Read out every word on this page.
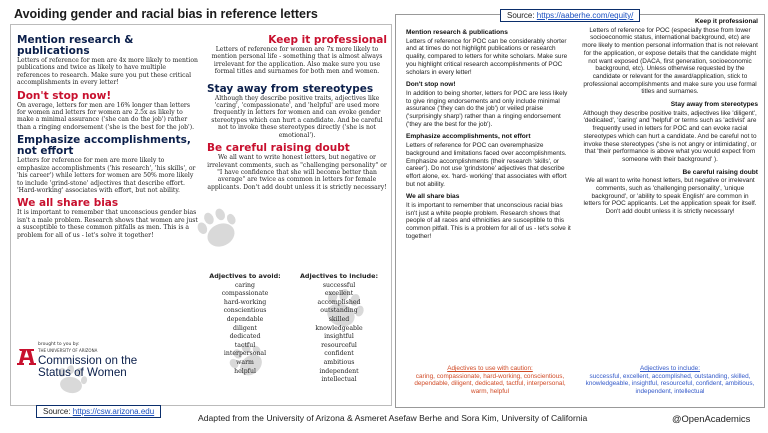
Avoiding gender and racial bias in reference letters
Mention research & publications

Letters of reference for men are 4x more likely to mention publications and twice as likely to have multiple references to research. Make sure you put these critical accomplishments in every letter!

Don't stop now!

On average, letters for men are 16% longer than letters for women and letters for women are 2.5x as likely to make a minimal assurance ('she can do the job') rather than a ringing endorsement ('she is the best for the job').

Emphasize accomplishments, not effort

Letters for reference for men are more likely to emphasize accomplishments ('his research', 'his skills', or 'his career') while letters for women are 50% more likely to include 'grind-stone' adjectives that describe effort. 'Hard-working' associates with effort, but not ability.

We all share bias

It is important to remember that unconscious gender bias isn't a male problem. Research shows that women are just a susceptible to these common pitfalls as men. This is a problem for all of us - let's solve it together!

Keep it professional

Letters of reference for women are 7x more likely to mention personal life - something that is almost always irrelevant for the application. Also make sure you use formal titles and surnames for both men and women.

Stay away from stereotypes

Although they describe positive traits, adjectives like 'caring', 'compassionate', and 'helpful' are used more frequently in letters for women and can evoke gender stereotypes which can hurt a candidate. And be careful not to invoke these stereotypes directly ('she is not emotional').

Be careful raising doubt

We all want to write honest letters, but negative or irrelevant comments, such as "challenging personality" or "I have confidence that she will become better than average" are twice as common in letters for female applicants. Don't add doubt unless it is strictly necessary!

Adjectives to avoid:
caring
compassionate
hard-working
conscientious
dependable
diligent
dedicated
tactful
interpersonal
warm
helpful
Adjectives to include:
successful
excellent
accomplished
outstanding
skilled
knowledgeable
insightful
resourceful
confident
ambitious
independent
intellectual
brought to you by:
THE UNIVERSITY OF ARIZONA
Commission on the
Status of Women
Source: https://csw.arizona.edu
Mention research & publications

Letters of reference for POC can be considerably shorter and at times do not highlight publications or research quality, compared to letters for white scholars. Make sure you highlight critical research accomplishments of POC scholars in every letter!

Don't stop now!

In addition to being shorter, letters for POC are less likely to give ringing endorsements and only include minimal assurance ('they can do the job') or veiled praise ('surprisingly sharp') rather than a ringing endorsement ('they are the best for the job').

Emphasize accomplishments, not effort

Letters of reference for POC can overemphasize background and limitations faced over accomplishments. Emphasize accomplishments (their research 'skills', or career'). Do not use 'grindstone' adjectives that describe effort alone, ex. 'hard- working' that associates with effort but not ability.

We all share bias

It is important to remember that unconscious racial bias isn't just a white people problem. Research shows that people of all races and ethnicities are susceptible to this common pitfall. This is a problem for all of us - let's solve it together!

Keep it professional

Letters of reference for POC (especially those from lower socioeconomic status, international background, etc) are more likely to mention personal information that is not relevant for the application, or expose details that the candidate might not want exposed (DACA, first generation, socioeconomic background, etc). Unless otherwise requested by the candidate or relevant for the award/application, stick to professional accomplishments and make sure you use formal titles and surnames.

Stay away from stereotypes

Although they describe positive traits, adjectives like 'diligent', 'dedicated', 'caring' and 'helpful' or terms such as 'activist' are frequently used in letters for POC and can evoke racial stereotypes which can hurt a candidate. And be careful not to invoke these stereotypes ('she is not angry or intimidating', or that 'their performance is above what you would expect from someone with their background' ).

Be careful raising doubt

We all want to write honest letters, but negative or irrelevant comments, such as 'challenging personality', 'unique background', or 'ability to speak English' are common in letters for POC applicants. Let the application speak for itself. Don't add doubt unless it is strictly necessary!

Adjectives to use with caution:
caring, compassionate, hard-working, conscientious, dependable, diligent, dedicated, tactful, interpersonal, warm, helpful
Adjectives to include:
successful, excellent, accomplished, outstanding, skilled, knowledgeable, insightful, resourceful, confident, ambitious, independent, intellectual
Source: https://aaberhe.com/equity/
Adapted from the University of Arizona & Asmeret Asefaw Berhe and Sora Kim, University of California	@OpenAcademics
